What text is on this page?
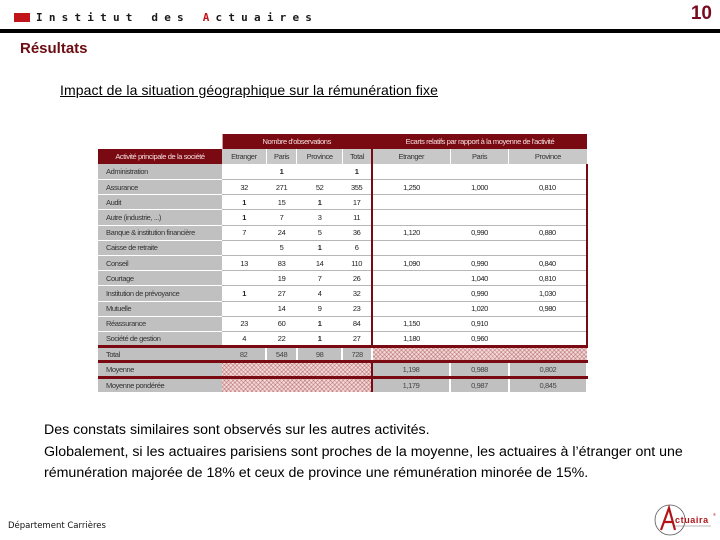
Institut des Actuaires	10
Résultats
Impact de la situation géographique sur la rémunération fixe
	Nombre d'observations				Ecarts relatifs par rapport à la moyenne de l'activité		
Activité principale de la société	Etranger	Paris	Province	Total	Etranger	Paris	Province
Administration		1		1			
Assurance	32	271	52	355	1,250	1,000	0,810
Audit	1	15	1	17			
Autre (industrie, ...)	1	7	3	11			
Banque & institution financière	7	24	5	36	1,120	0,990	0,880
Caisse de retraite		5	1	6			
Conseil	13	83	14	110	1,090	0,990	0,840
Courtage		19	7	26		1,040	0,810
Institution de prévoyance	1	27	4	32		0,990	1,030
Mutuelle		14	9	23		1,020	0,980
Réassurance	23	60	1	84	1,150	0,910	
Société de gestion	4	22	1	27	1,180	0,960	
Total	82	548	98	728			
Moyenne					1,198	0,988	0,802
Moyenne pondérée					1,179	0,987	0,845

Des constats similaires sont observés sur les autres activités.

Globalement, si les actuaires parisiens sont proches de la moyenne, les actuaires à l’étranger ont une rémunération majorée de 18% et ceux de province une rémunération minorée de 15%.

Département Carrières
ctuaira
®
